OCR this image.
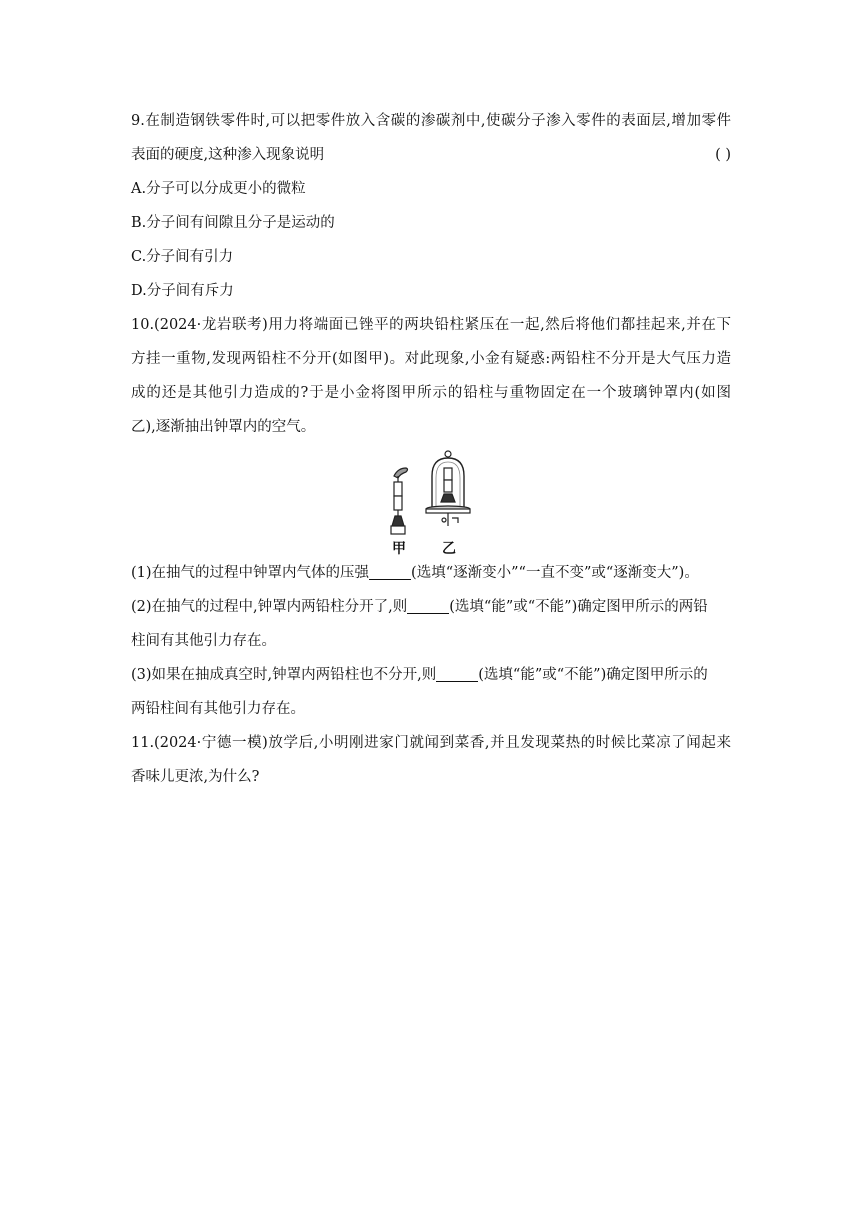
9.在制造钢铁零件时,可以把零件放入含碳的渗碳剂中,使碳分子渗入零件的表面层,增加零件
表面的硬度,这种渗入现象说明	( )
A.分子可以分成更小的微粒
B.分子间有间隙且分子是运动的
C.分子间有引力
D.分子间有斥力
10.(2024·龙岩联考)用力将端面已锉平的两块铅柱紧压在一起,然后将他们都挂起来,并在下
方挂一重物,发现两铅柱不分开(如图甲)。对此现象,小金有疑惑:两铅柱不分开是大气压力造
成的还是其他引力造成的?于是小金将图甲所示的铅柱与重物固定在一个玻璃钟罩内(如图
乙),逐渐抽出钟罩内的空气。
甲	乙
(1)在抽气的过程中钟罩内气体的压强	(选填“逐渐变小”“一直不变”或“逐渐变大”)。
(2)在抽气的过程中,钟罩内两铅柱分开了,则	(选填“能”或“不能”)确定图甲所示的两铅
柱间有其他引力存在。
(3)如果在抽成真空时,钟罩内两铅柱也不分开,则	(选填“能”或“不能”)确定图甲所示的
两铅柱间有其他引力存在。
11.(2024·宁德一模)放学后,小明刚进家门就闻到菜香,并且发现菜热的时候比菜凉了闻起来
香味儿更浓,为什么?
